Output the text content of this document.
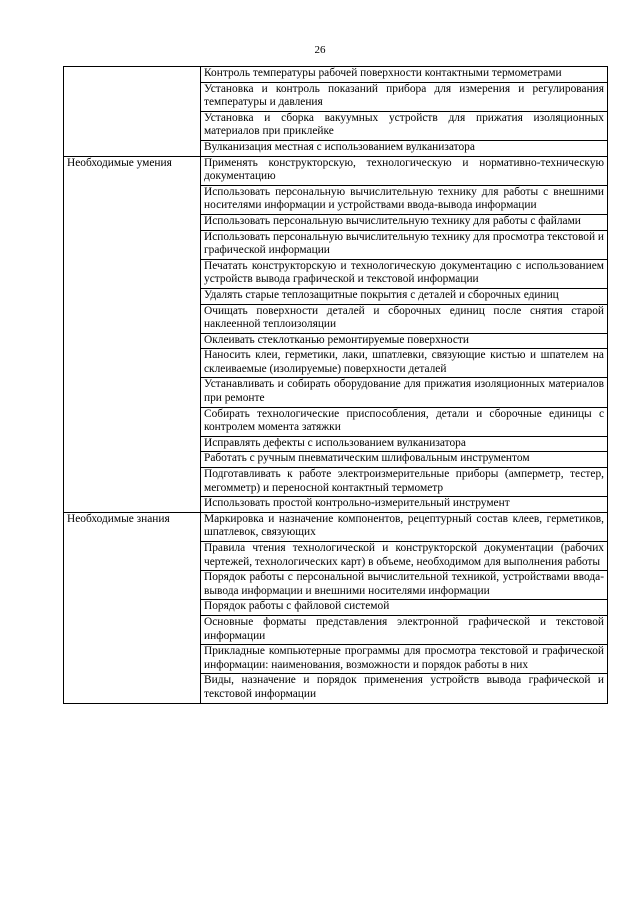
26
	Контроль температуры рабочей поверхности контактными термометрами
	Установка и контроль показаний прибора для измерения и регулирования температуры и давления
	Установка и сборка вакуумных устройств для прижатия изоляционных материалов при приклейке
	Вулканизация местная с использованием вулканизатора
Необходимые умения	Применять конструкторскую, технологическую и нормативно-техническую документацию
	Использовать персональную вычислительную технику для работы с внешними носителями информации и устройствами ввода-вывода информации
	Использовать персональную вычислительную технику для работы с файлами
	Использовать персональную вычислительную технику для просмотра текстовой и графической информации
	Печатать конструкторскую и технологическую документацию с использованием устройств вывода графической и текстовой информации
	Удалять старые теплозащитные покрытия с деталей и сборочных единиц
	Очищать поверхности деталей и сборочных единиц после снятия старой наклеенной теплоизоляции
	Оклеивать стеклотканью ремонтируемые поверхности
	Наносить клеи, герметики, лаки, шпатлевки, связующие кистью и шпателем на склеиваемые (изолируемые) поверхности деталей
	Устанавливать и собирать оборудование для прижатия изоляционных материалов при ремонте
	Собирать технологические приспособления, детали и сборочные единицы с контролем момента затяжки
	Исправлять дефекты с использованием вулканизатора
	Работать с ручным пневматическим шлифовальным инструментом
	Подготавливать к работе электроизмерительные приборы (амперметр, тестер, мегомметр) и переносной контактный термометр
	Использовать простой контрольно-измерительный инструмент
Необходимые знания	Маркировка и назначение компонентов, рецептурный состав клеев, герметиков, шпатлевок, связующих
	Правила чтения технологической и конструкторской документации (рабочих чертежей, технологических карт) в объеме, необходимом для выполнения работы
	Порядок работы с персональной вычислительной техникой, устройствами ввода-вывода информации и внешними носителями информации
	Порядок работы с файловой системой
	Основные форматы представления электронной графической и текстовой информации
	Прикладные компьютерные программы для просмотра текстовой и графической информации: наименования, возможности и порядок работы в них
	Виды, назначение и порядок применения устройств вывода графической и текстовой информации
